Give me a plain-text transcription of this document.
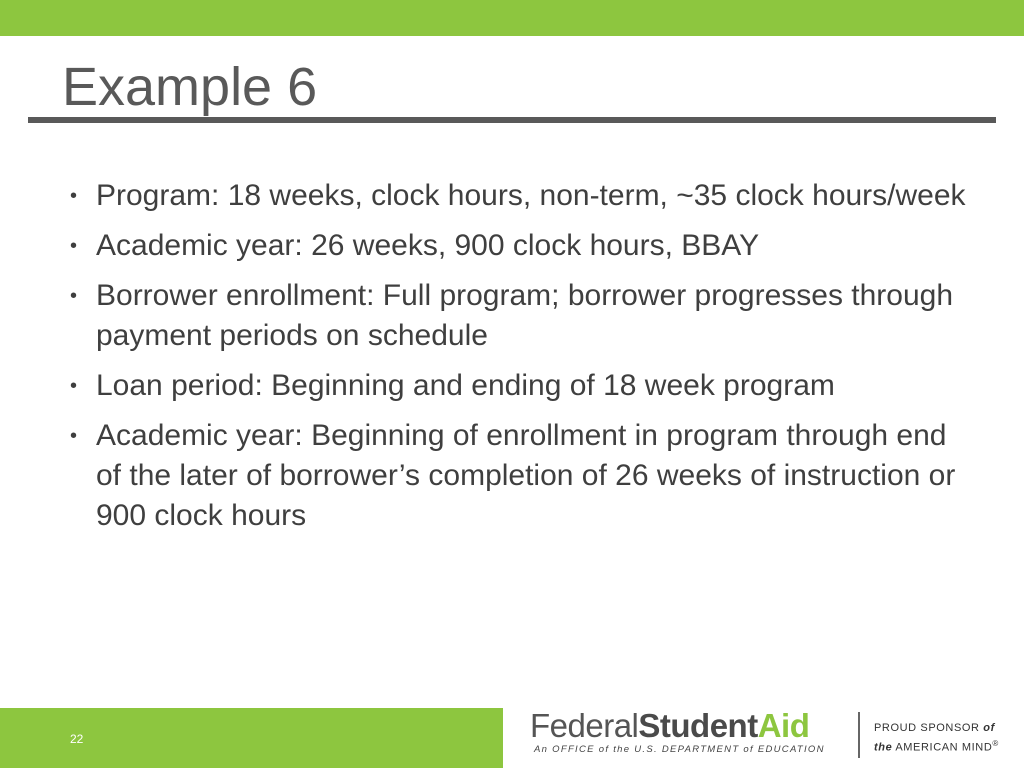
Example 6
• Program: 18 weeks, clock hours, non-term, ~35 clock hours/week
• Academic year: 26 weeks, 900 clock hours, BBAY
• Borrower enrollment: Full program; borrower progresses through payment periods on schedule
• Loan period: Beginning and ending of 18 week program
• Academic year: Beginning of enrollment in program through end of the later of borrower’s completion of 26 weeks of instruction or 900 clock hours
22	FederalStudentAid
An OFFICE of the U.S. DEPARTMENT of EDUCATION
PROUD SPONSOR of
the AMERICAN MIND®
